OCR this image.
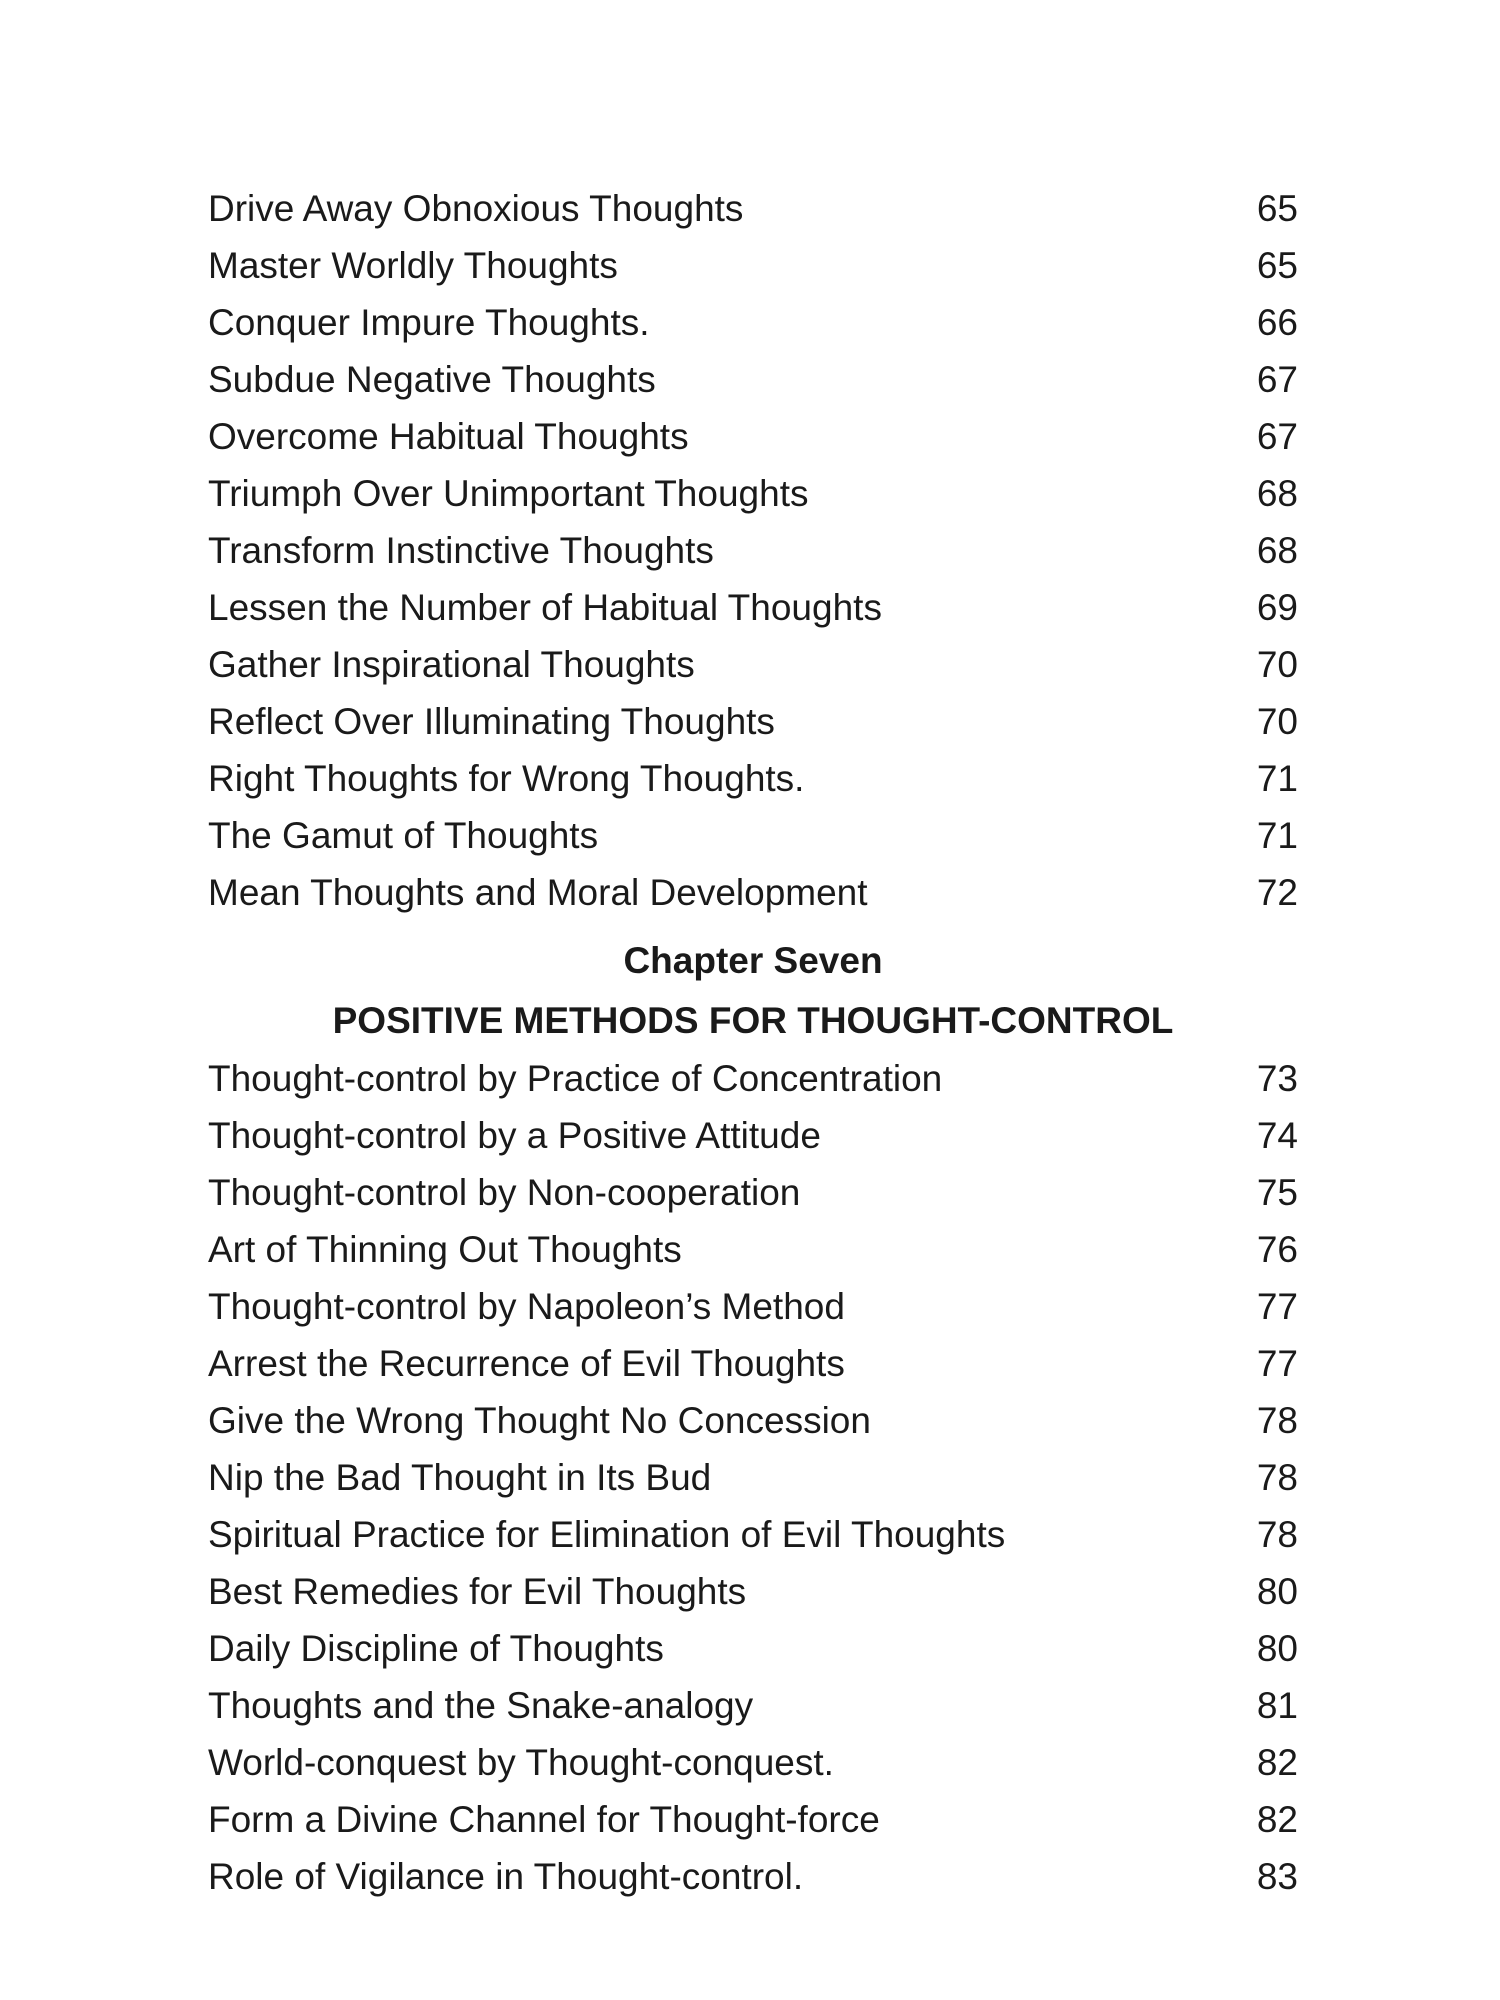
Drive Away Obnoxious Thoughts	65
Master Worldly Thoughts	65
Conquer Impure Thoughts.	66
Subdue Negative Thoughts	67
Overcome Habitual Thoughts	67
Triumph Over Unimportant Thoughts	68
Transform Instinctive Thoughts	68
Lessen the Number of Habitual Thoughts	69
Gather Inspirational Thoughts	70
Reflect Over Illuminating Thoughts	70
Right Thoughts for Wrong Thoughts.	71
The Gamut of Thoughts	71
Mean Thoughts and Moral Development	72
Chapter Seven
POSITIVE METHODS FOR THOUGHT-CONTROL
Thought-control by Practice of Concentration	73
Thought-control by a Positive Attitude	74
Thought-control by Non-cooperation	75
Art of Thinning Out Thoughts	76
Thought-control by Napoleon’s Method	77
Arrest the Recurrence of Evil Thoughts	77
Give the Wrong Thought No Concession	78
Nip the Bad Thought in Its Bud	78
Spiritual Practice for Elimination of Evil Thoughts	78
Best Remedies for Evil Thoughts	80
Daily Discipline of Thoughts	80
Thoughts and the Snake-analogy	81
World-conquest by Thought-conquest.	82
Form a Divine Channel for Thought-force	82
Role of Vigilance in Thought-control.	83
